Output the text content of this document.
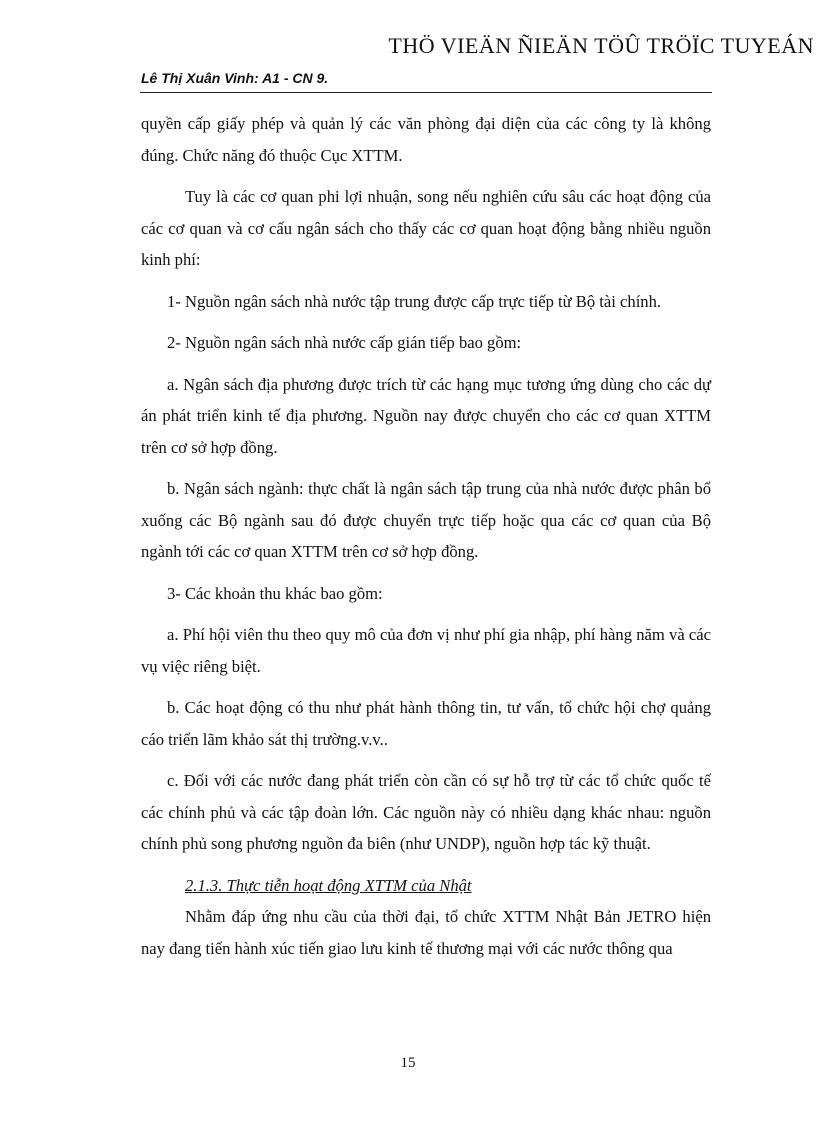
THÖ VIEÄN ÑIEÄN TÖÛ TRÖÏC TUYEÁN
Lê Thị Xuân Vinh: A1 - CN 9.

quyền cấp giấy phép và quản lý các văn phòng đại diện của các công ty là không đúng. Chức năng đó thuộc Cục XTTM.

Tuy là các cơ quan phi lợi nhuận, song nếu nghiên cứu sâu các hoạt động của các cơ quan và cơ cấu ngân sách cho thấy các cơ quan hoạt động bằng nhiều nguồn kinh phí:

1- Nguồn ngân sách nhà nước tập trung được cấp trực tiếp từ Bộ tài chính.

2- Nguồn ngân sách nhà nước cấp gián tiếp bao gồm:

a. Ngân sách địa phương được trích từ các hạng mục tương ứng dùng cho các dự án phát triển kinh tế địa phương. Nguồn nay được chuyển cho các cơ quan XTTM trên cơ sở hợp đồng.

b. Ngân sách ngành: thực chất là ngân sách tập trung của nhà nước được phân bổ xuống các Bộ ngành sau đó được chuyển trực tiếp hoặc qua các cơ quan của Bộ ngành tới các cơ quan XTTM trên cơ sở hợp đồng.

3- Các khoản thu khác bao gồm:

a. Phí hội viên thu theo quy mô của đơn vị như phí gia nhập, phí hàng năm và các vụ việc riêng biệt.

b. Các hoạt động có thu như phát hành thông tin, tư vấn, tổ chức hội chợ quảng cáo triển lãm khảo sát thị trường.v.v..

c. Đối với các nước đang phát triển còn cần có sự hỗ trợ từ các tổ chức quốc tế các chính phủ và các tập đoàn lớn. Các nguồn này có nhiều dạng khác nhau: nguồn chính phủ song phương nguồn đa biên (như UNDP), nguồn hợp tác kỹ thuật.

2.1.3. Thực tiễn hoạt động XTTM của Nhật

Nhằm đáp ứng nhu cầu của thời đại, tổ chức XTTM Nhật Bản JETRO hiện nay đang tiến hành xúc tiến giao lưu kinh tế thương mại với các nước thông qua

15
